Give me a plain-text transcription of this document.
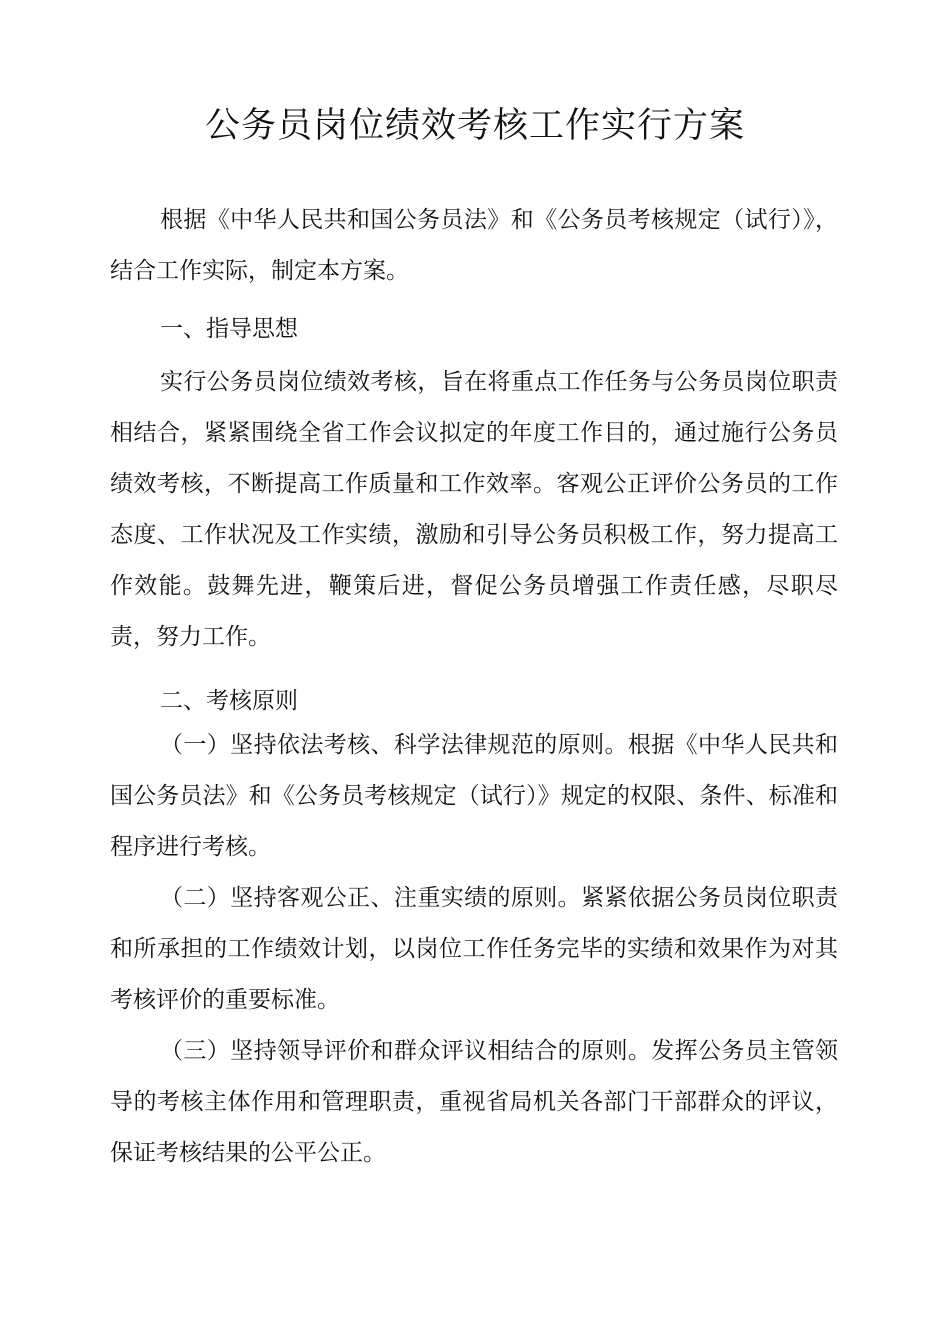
公务员岗位绩效考核工作实行方案
根据《中华人民共和国公务员法》和《公务员考核规定（试行）》，结合工作实际，制定本方案。
一、指导思想
实行公务员岗位绩效考核，旨在将重点工作任务与公务员岗位职责相结合，紧紧围绕全省工作会议拟定的年度工作目的，通过施行公务员绩效考核，不断提高工作质量和工作效率。客观公正评价公务员的工作态度、工作状况及工作实绩，激励和引导公务员积极工作，努力提高工作效能。鼓舞先进，鞭策后进，督促公务员增强工作责任感，尽职尽责，努力工作。
二、考核原则
（一）坚持依法考核、科学法律规范的原则。根据《中华人民共和国公务员法》和《公务员考核规定（试行）》规定的权限、条件、标准和程序进行考核。
（二）坚持客观公正、注重实绩的原则。紧紧依据公务员岗位职责和所承担的工作绩效计划，以岗位工作任务完毕的实绩和效果作为对其考核评价的重要标准。
（三）坚持领导评价和群众评议相结合的原则。发挥公务员主管领导的考核主体作用和管理职责，重视省局机关各部门干部群众的评议，保证考核结果的公平公正。
